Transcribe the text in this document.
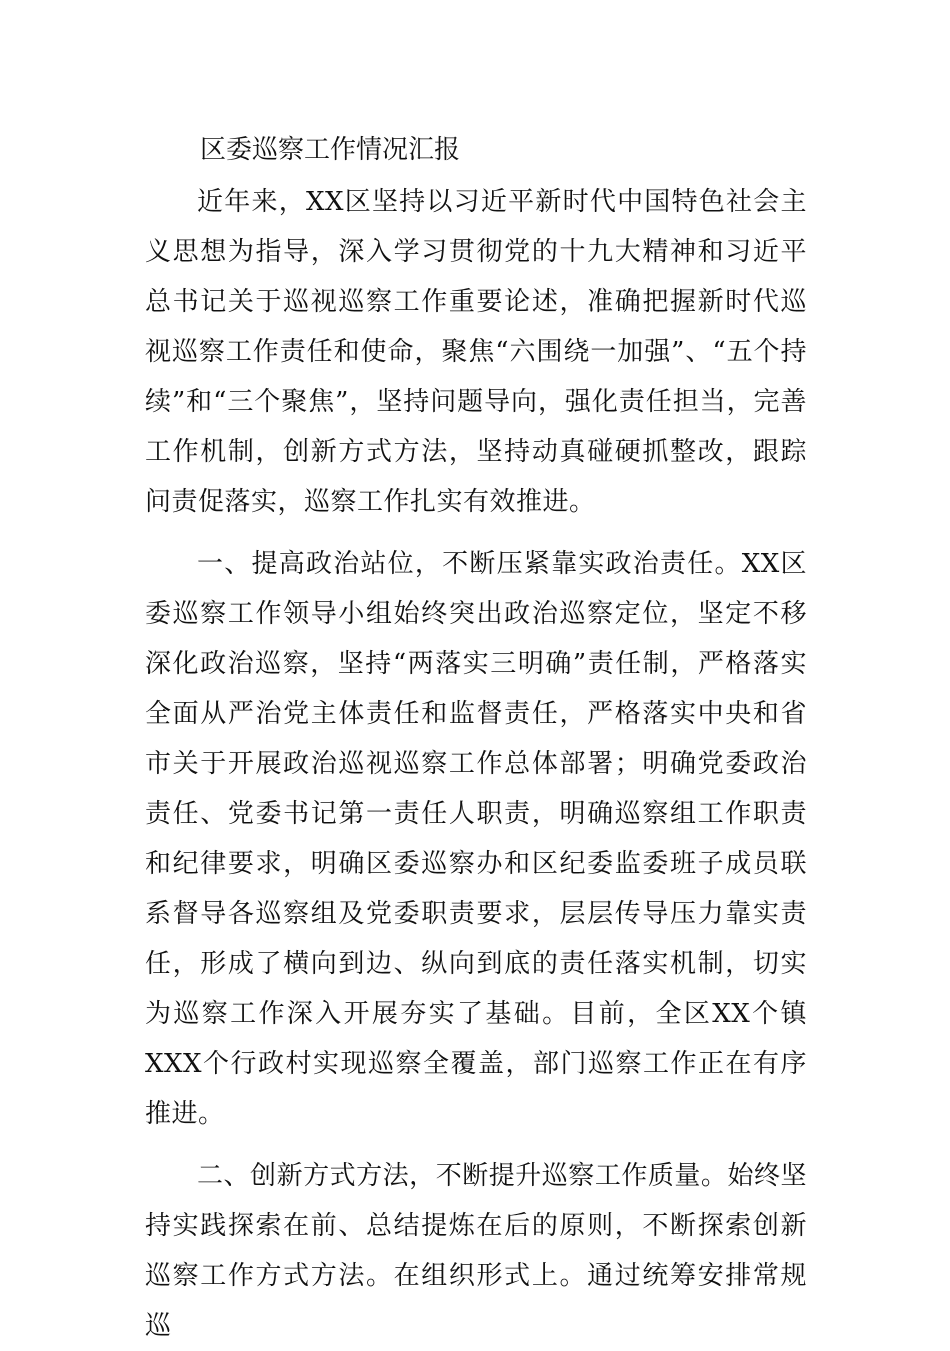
区委巡察工作情况汇报

近年来，XX区坚持以习近平新时代中国特色社会主义思想为指导，深入学习贯彻党的十九大精神和习近平总书记关于巡视巡察工作重要论述，准确把握新时代巡视巡察工作责任和使命，聚焦“六围绕一加强”、“五个持续”和“三个聚焦”，坚持问题导向，强化责任担当，完善工作机制，创新方式方法，坚持动真碰硬抓整改，跟踪问责促落实，巡察工作扎实有效推进。

一、提高政治站位，不断压紧靠实政治责任。XX区委巡察工作领导小组始终突出政治巡察定位，坚定不移深化政治巡察，坚持“两落实三明确”责任制，严格落实全面从严治党主体责任和监督责任，严格落实中央和省市关于开展政治巡视巡察工作总体部署；明确党委政治责任、党委书记第一责任人职责，明确巡察组工作职责和纪律要求，明确区委巡察办和区纪委监委班子成员联系督导各巡察组及党委职责要求，层层传导压力靠实责任，形成了横向到边、纵向到底的责任落实机制，切实为巡察工作深入开展夯实了基础。目前，全区XX个镇XXX个行政村实现巡察全覆盖，部门巡察工作正在有序推进。

二、创新方式方法，不断提升巡察工作质量。始终坚持实践探索在前、总结提炼在后的原则，不断探索创新巡察工作方式方法。在组织形式上。通过统筹安排常规巡
